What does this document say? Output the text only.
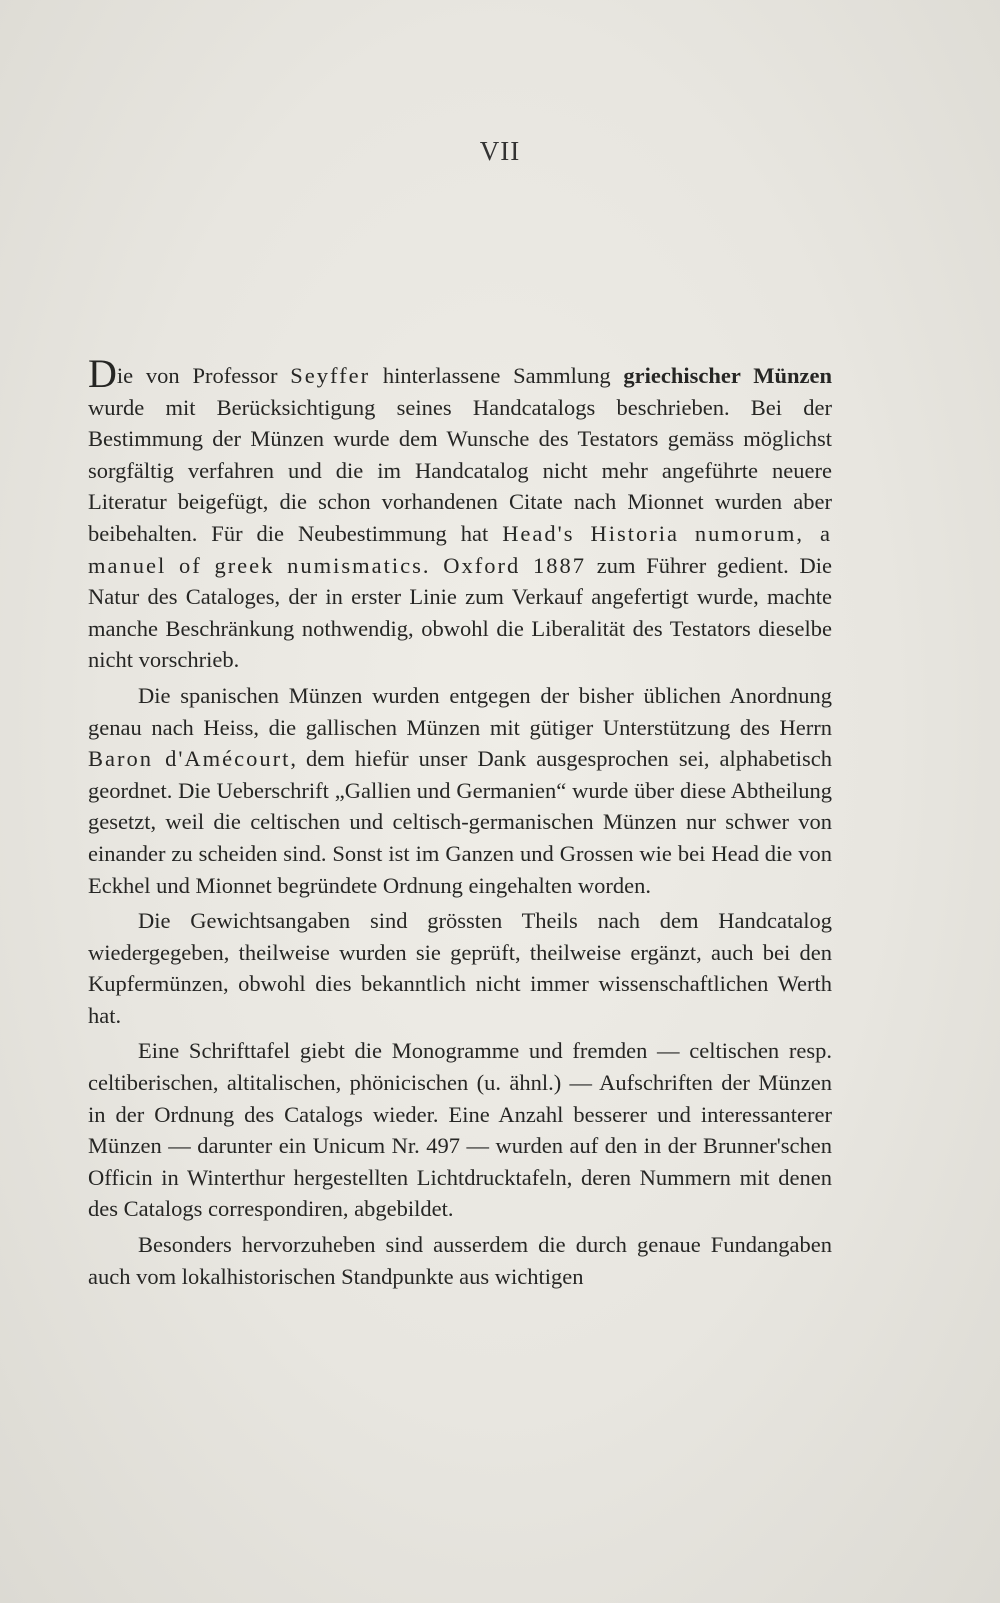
VII

Die von Professor Seyffer hinterlassene Sammlung griechischer Münzen wurde mit Berücksichtigung seines Handcatalogs beschrieben. Bei der Bestimmung der Münzen wurde dem Wunsche des Testators gemäss möglichst sorgfältig verfahren und die im Handcatalog nicht mehr angeführte neuere Literatur beigefügt, die schon vorhandenen Citate nach Mionnet wurden aber beibehalten. Für die Neubestimmung hat Head's Historia numorum, a manuel of greek numismatics. Oxford 1887 zum Führer gedient. Die Natur des Cataloges, der in erster Linie zum Verkauf angefertigt wurde, machte manche Beschränkung nothwendig, obwohl die Liberalität des Testators dieselbe nicht vorschrieb.

Die spanischen Münzen wurden entgegen der bisher üblichen Anordnung genau nach Heiss, die gallischen Münzen mit gütiger Unterstützung des Herrn Baron d'Amécourt, dem hiefür unser Dank ausgesprochen sei, alphabetisch geordnet. Die Ueberschrift „Gallien und Germanien“ wurde über diese Abtheilung gesetzt, weil die celtischen und celtisch-germanischen Münzen nur schwer von einander zu scheiden sind. Sonst ist im Ganzen und Grossen wie bei Head die von Eckhel und Mionnet begründete Ordnung eingehalten worden.

Die Gewichtsangaben sind grössten Theils nach dem Handcatalog wiedergegeben, theilweise wurden sie geprüft, theilweise ergänzt, auch bei den Kupfermünzen, obwohl dies bekanntlich nicht immer wissenschaftlichen Werth hat.

Eine Schrifttafel giebt die Monogramme und fremden — celtischen resp. celtiberischen, altitalischen, phönicischen (u. ähnl.) — Aufschriften der Münzen in der Ordnung des Catalogs wieder. Eine Anzahl besserer und interessanterer Münzen — darunter ein Unicum Nr. 497 — wurden auf den in der Brunner'schen Officin in Winterthur hergestellten Lichtdrucktafeln, deren Nummern mit denen des Catalogs correspondiren, abgebildet.

Besonders hervorzuheben sind ausserdem die durch genaue Fundangaben auch vom lokalhistorischen Standpunkte aus wichtigen
